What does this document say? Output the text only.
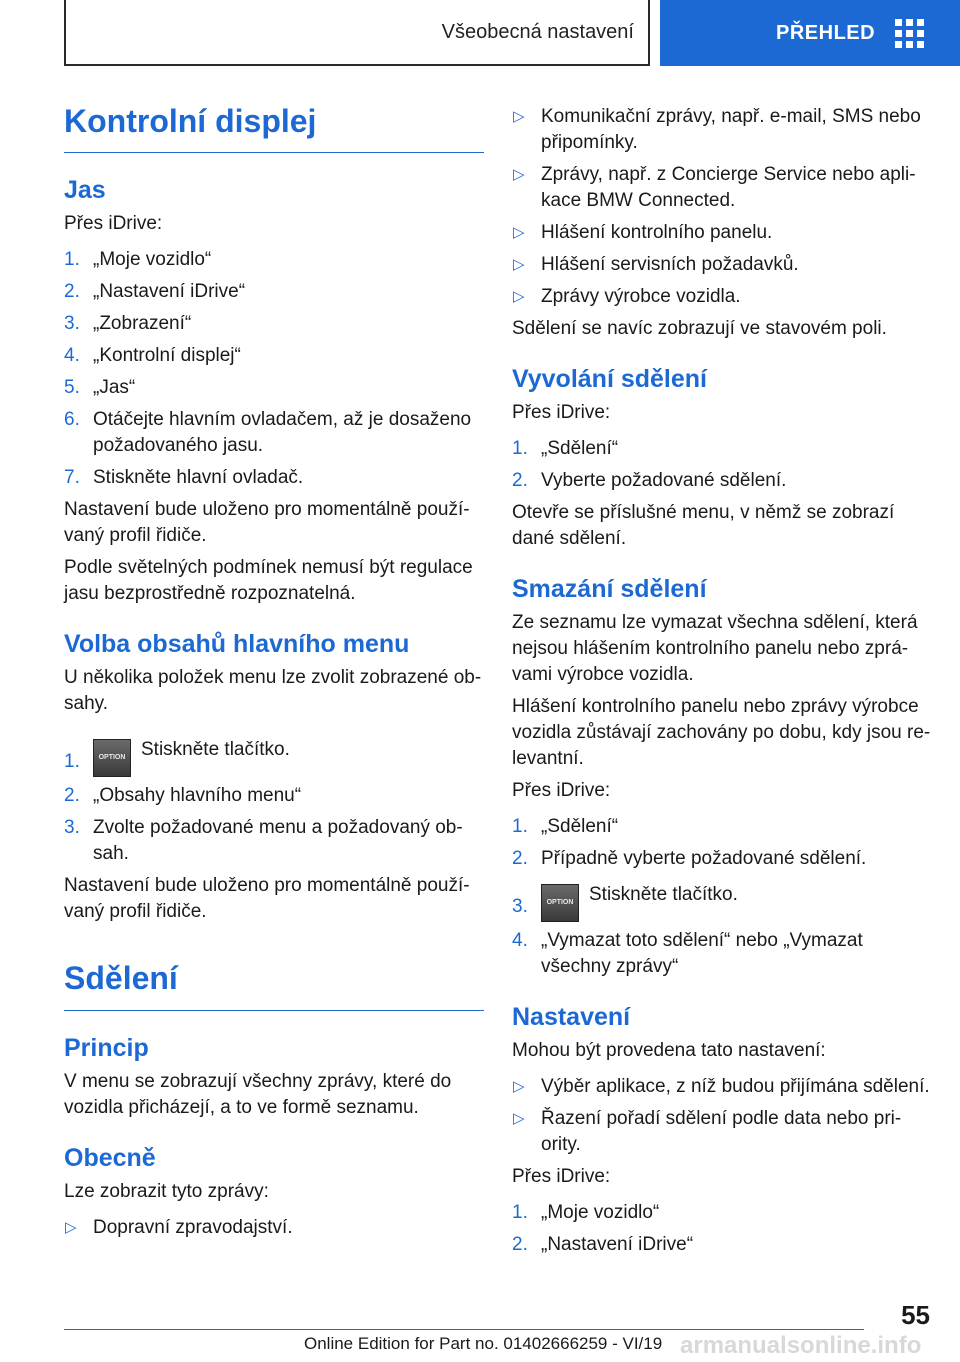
Všeobecná nastavení	PŘEHLED
Kontrolní displej
Jas

Přes iDrive:

1. „Moje vozidlo“
2. „Nastavení iDrive“
3. „Zobrazení“
4. „Kontrolní displej“
5. „Jas“
6. Otáčejte hlavním ovladačem, až je dosaženo požadovaného jasu.
7. Stiskněte hlavní ovladač.

Nastavení bude uloženo pro momentálně používaný profil řidiče.

Podle světelných podmínek nemusí být regulace jasu bezprostředně rozpoznatelná.

Volba obsahů hlavního menu

U několika položek menu lze zvolit zobrazené obsahy.

1.	OPTION Stiskněte tlačítko.
2. „Obsahy hlavního menu“
3. Zvolte požadované menu a požadovaný obsah.

Nastavení bude uloženo pro momentálně používaný profil řidiče.

Sdělení
Princip

V menu se zobrazují všechny zprávy, které do vozidla přicházejí, a to ve formě seznamu.

Obecně

Lze zobrazit tyto zprávy:

▷ Dopravní zpravodajství.
▷ Komunikační zprávy, např. e-mail, SMS nebo připomínky.
▷ Zprávy, např. z Concierge Service nebo aplikace BMW Connected.
▷ Hlášení kontrolního panelu.
▷ Hlášení servisních požadavků.
▷ Zprávy výrobce vozidla.

Sdělení se navíc zobrazují ve stavovém poli.

Vyvolání sdělení

Přes iDrive:

1. „Sdělení“
2. Vyberte požadované sdělení.

Otevře se příslušné menu, v němž se zobrazí dané sdělení.

Smazání sdělení

Ze seznamu lze vymazat všechna sdělení, která nejsou hlášením kontrolního panelu nebo zprávami výrobce vozidla.

Hlášení kontrolního panelu nebo zprávy výrobce vozidla zůstávají zachovány po dobu, kdy jsou relevantní.

Přes iDrive:

1. „Sdělení“
2. Případně vyberte požadované sdělení.
3.	OPTION Stiskněte tlačítko.
4. „Vymazat toto sdělení“ nebo „Vymazat všechny zprávy“
Nastavení

Mohou být provedena tato nastavení:

▷ Výběr aplikace, z níž budou přijímána sdělení.
▷ Řazení pořadí sdělení podle data nebo priority.

Přes iDrive:

1. „Moje vozidlo“
2. „Nastavení iDrive“
55
armanualsonline.info
Online Edition for Part no. 01402666259 - VI/19
